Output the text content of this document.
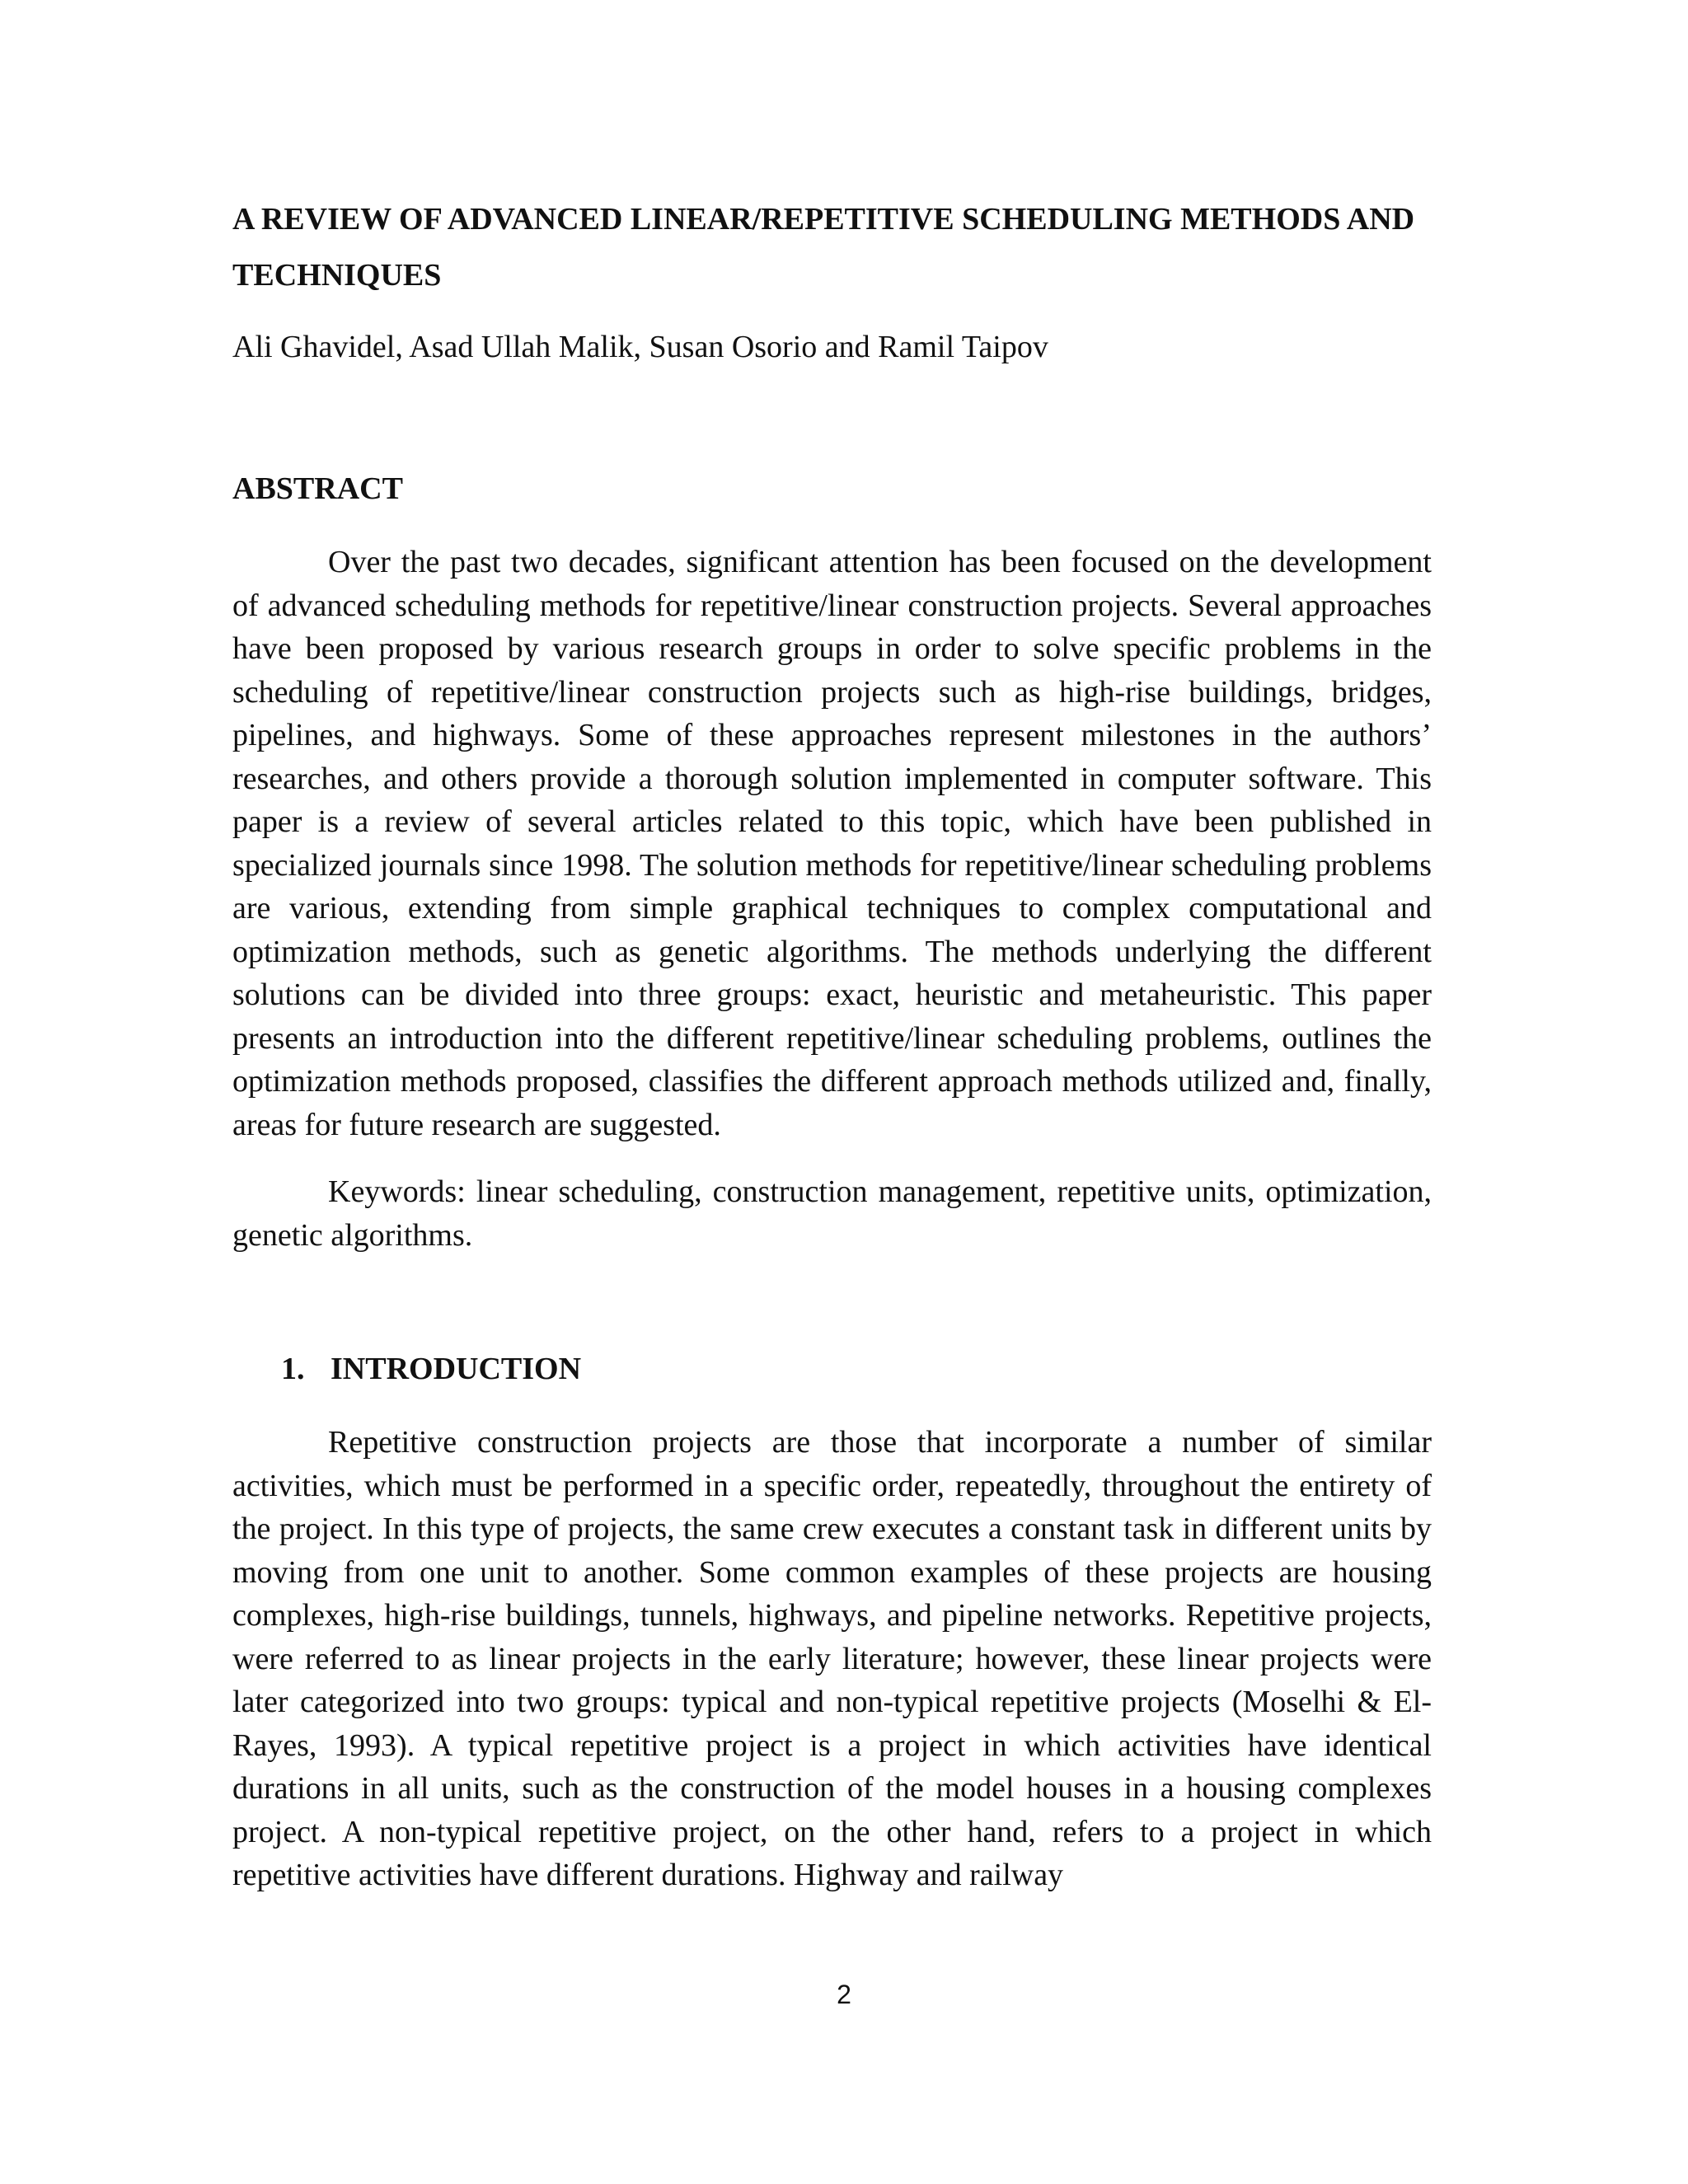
A REVIEW OF ADVANCED LINEAR/REPETITIVE SCHEDULING METHODS AND TECHNIQUES

Ali Ghavidel, Asad Ullah Malik, Susan Osorio and Ramil Taipov

ABSTRACT

Over the past two decades, significant attention has been focused on the development of advanced scheduling methods for repetitive/linear construction projects. Several approaches have been proposed by various research groups in order to solve specific problems in the scheduling of repetitive/linear construction projects such as high-rise buildings, bridges, pipelines, and highways. Some of these approaches represent milestones in the authors’ researches, and others provide a thorough solution implemented in computer software. This paper is a review of several articles related to this topic, which have been published in specialized journals since 1998. The solution methods for repetitive/linear scheduling problems are various, extending from simple graphical techniques to complex computational and optimization methods, such as genetic algorithms. The methods underlying the different solutions can be divided into three groups: exact, heuristic and metaheuristic. This paper presents an introduction into the different repetitive/linear scheduling problems, outlines the optimization methods proposed, classifies the different approach methods utilized and, finally, areas for future research are suggested.

Keywords: linear scheduling, construction management, repetitive units, optimization, genetic algorithms.

1. INTRODUCTION

Repetitive construction projects are those that incorporate a number of similar activities, which must be performed in a specific order, repeatedly, throughout the entirety of the project. In this type of projects, the same crew executes a constant task in different units by moving from one unit to another. Some common examples of these projects are housing complexes, high-rise buildings, tunnels, highways, and pipeline networks. Repetitive projects, were referred to as linear projects in the early literature; however, these linear projects were later categorized into two groups: typical and non-typical repetitive projects (Moselhi & El-Rayes, 1993). A typical repetitive project is a project in which activities have identical durations in all units, such as the construction of the model houses in a housing complexes project. A non-typical repetitive project, on the other hand, refers to a project in which repetitive activities have different durations. Highway and railway

2
